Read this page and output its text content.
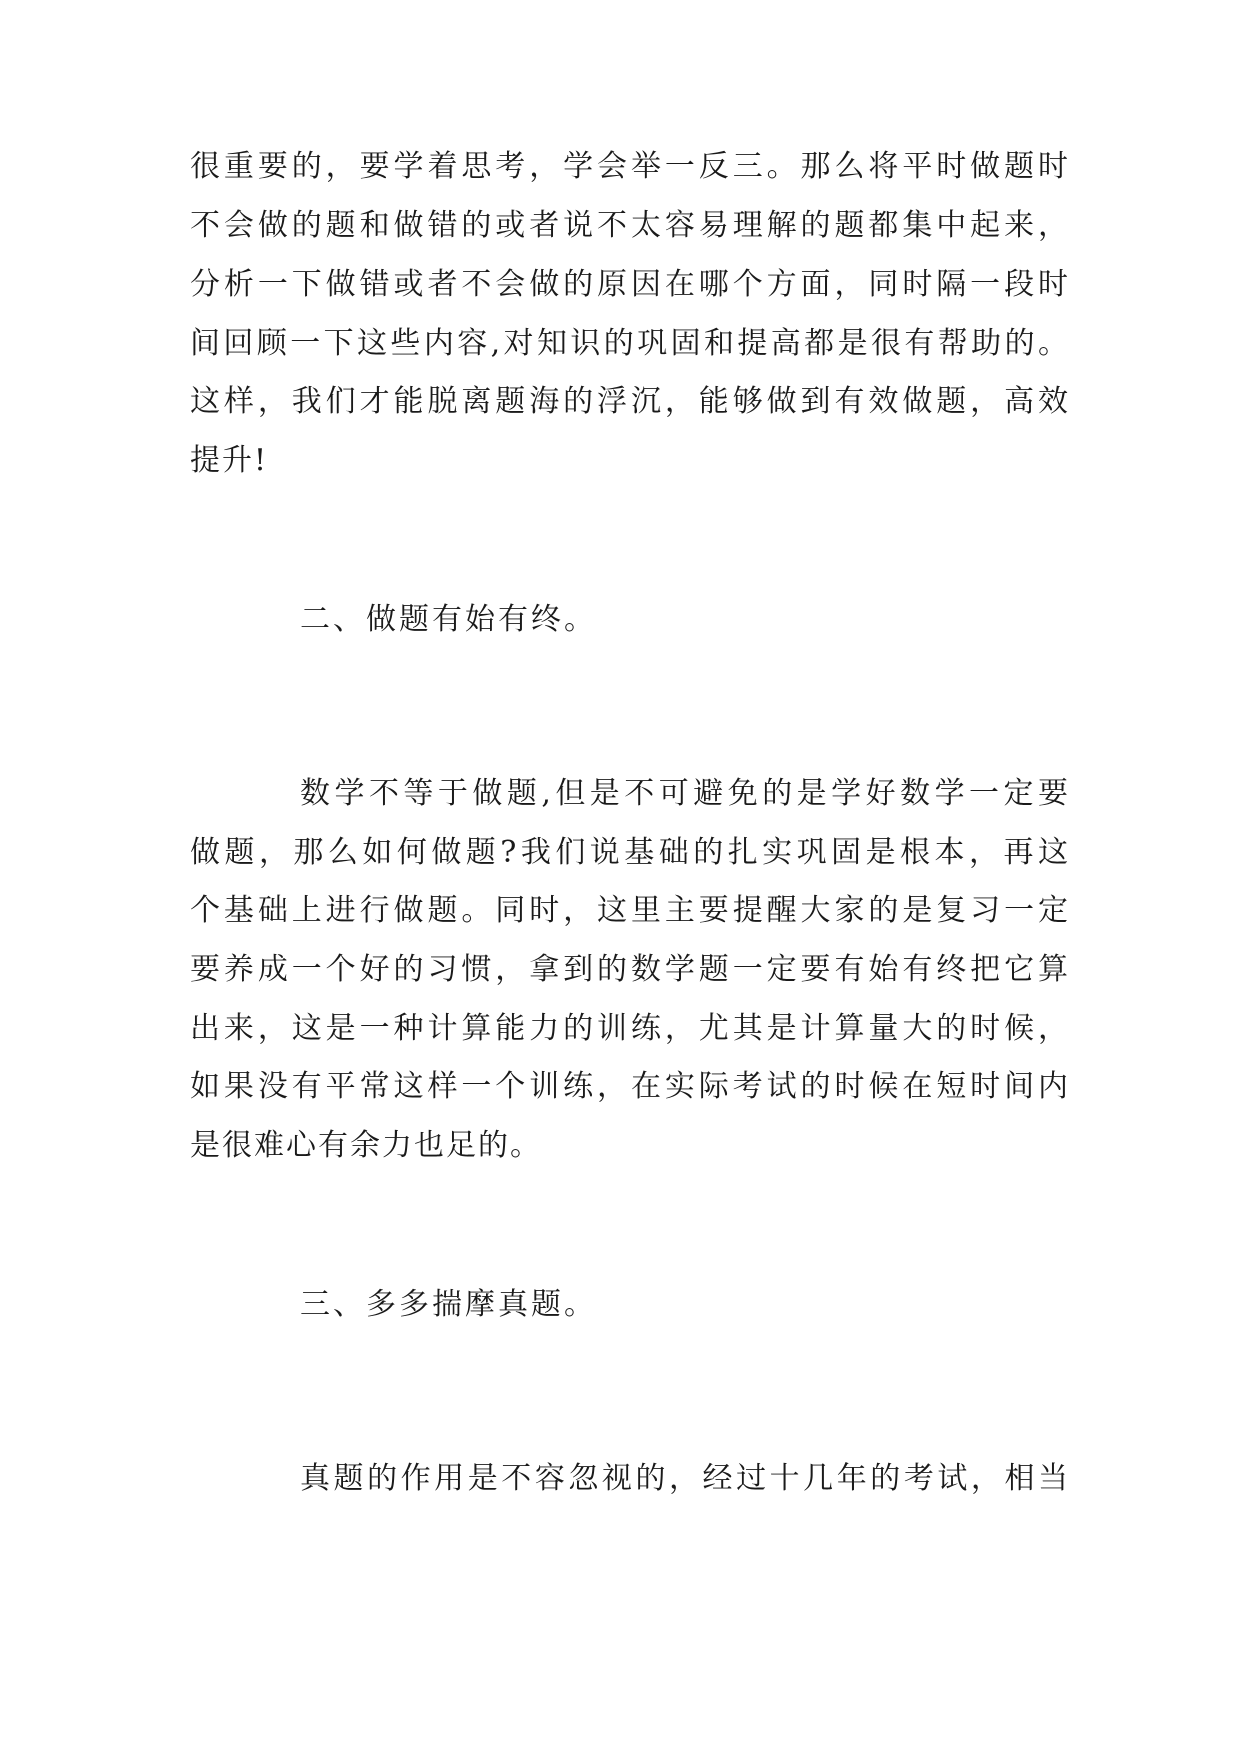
很重要的，要学着思考，学会举一反三。那么将平时做题时

不会做的题和做错的或者说不太容易理解的题都集中起来，

分析一下做错或者不会做的原因在哪个方面，同时隔一段时

间回顾一下这些内容,对知识的巩固和提高都是很有帮助的。

这样，我们才能脱离题海的浮沉，能够做到有效做题，高效

提升!

二、做题有始有终。

数学不等于做题,但是不可避免的是学好数学一定要

做题，那么如何做题?我们说基础的扎实巩固是根本，再这

个基础上进行做题。同时，这里主要提醒大家的是复习一定

要养成一个好的习惯，拿到的数学题一定要有始有终把它算

出来，这是一种计算能力的训练，尤其是计算量大的时候，

如果没有平常这样一个训练，在实际考试的时候在短时间内

是很难心有余力也足的。

三、多多揣摩真题。

真题的作用是不容忽视的，经过十几年的考试，相当
